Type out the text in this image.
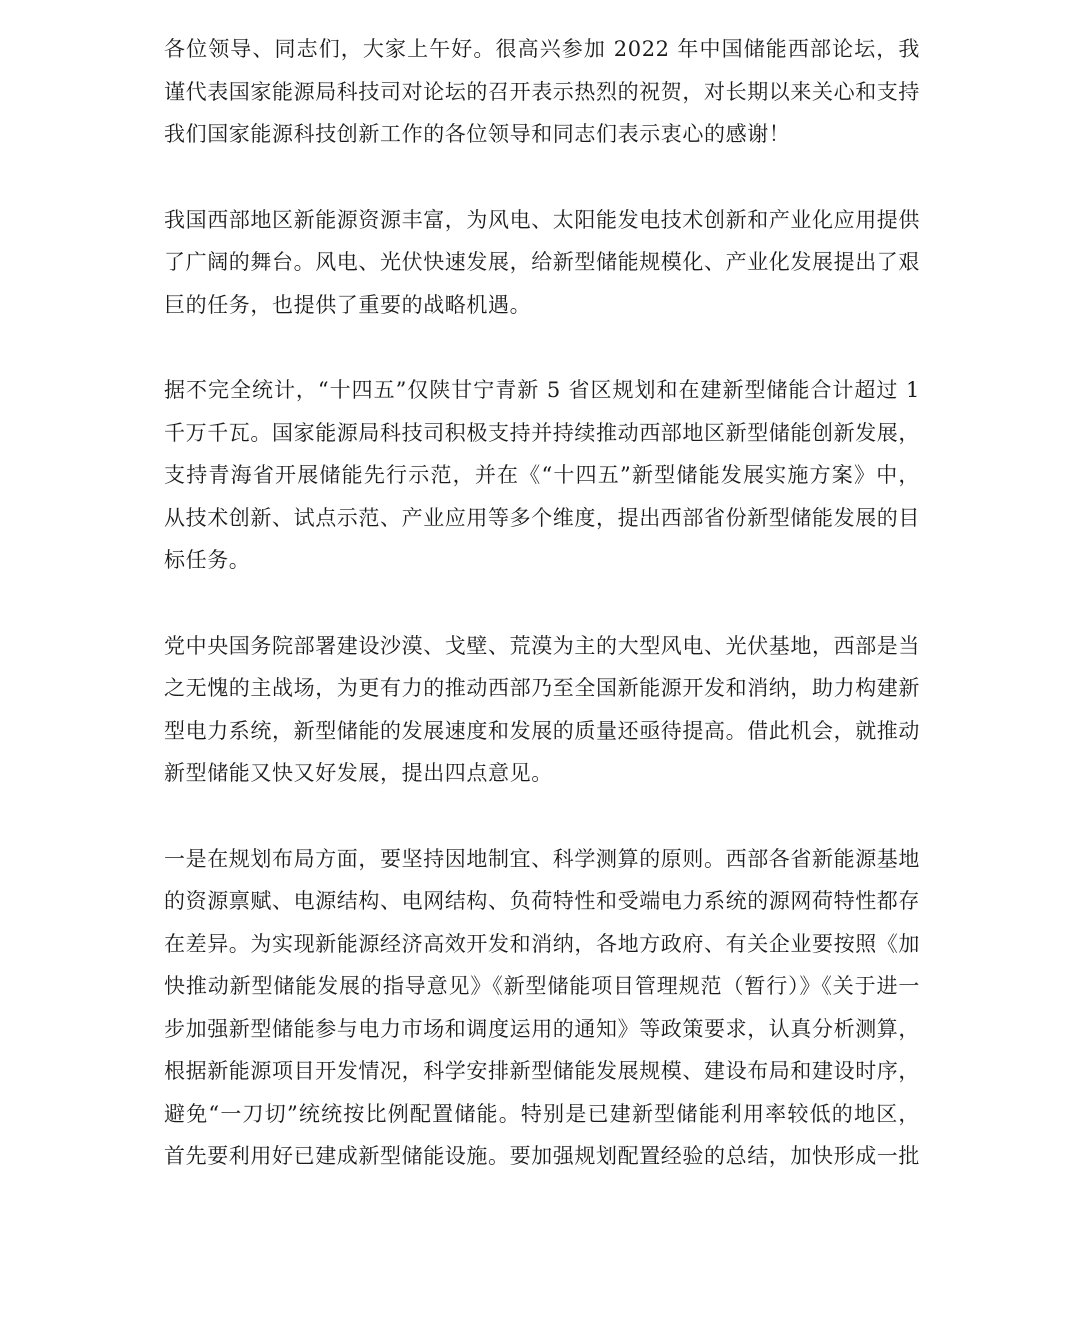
各位领导、同志们，大家上午好。很高兴参加 2022 年中国储能西部论坛，我谨代表国家能源局科技司对论坛的召开表示热烈的祝贺，对长期以来关心和支持我们国家能源科技创新工作的各位领导和同志们表示衷心的感谢！

我国西部地区新能源资源丰富，为风电、太阳能发电技术创新和产业化应用提供了广阔的舞台。风电、光伏快速发展，给新型储能规模化、产业化发展提出了艰巨的任务，也提供了重要的战略机遇。

据不完全统计，“十四五”仅陕甘宁青新 5 省区规划和在建新型储能合计超过 1 千万千瓦。国家能源局科技司积极支持并持续推动西部地区新型储能创新发展，支持青海省开展储能先行示范，并在《“十四五”新型储能发展实施方案》中，从技术创新、试点示范、产业应用等多个维度，提出西部省份新型储能发展的目标任务。

党中央国务院部署建设沙漠、戈壁、荒漠为主的大型风电、光伏基地，西部是当之无愧的主战场，为更有力的推动西部乃至全国新能源开发和消纳，助力构建新型电力系统，新型储能的发展速度和发展的质量还亟待提高。借此机会，就推动新型储能又快又好发展，提出四点意见。

一是在规划布局方面，要坚持因地制宜、科学测算的原则。西部各省新能源基地的资源禀赋、电源结构、电网结构、负荷特性和受端电力系统的源网荷特性都存在差异。为实现新能源经济高效开发和消纳，各地方政府、有关企业要按照《加快推动新型储能发展的指导意见》《新型储能项目管理规范（暂行）》《关于进一步加强新型储能参与电力市场和调度运用的通知》等政策要求，认真分析测算，根据新能源项目开发情况，科学安排新型储能发展规模、建设布局和建设时序，避免“一刀切”统统按比例配置储能。特别是已建新型储能利用率较低的地区，首先要利用好已建成新型储能设施。要加强规划配置经验的总结，加快形成一批
